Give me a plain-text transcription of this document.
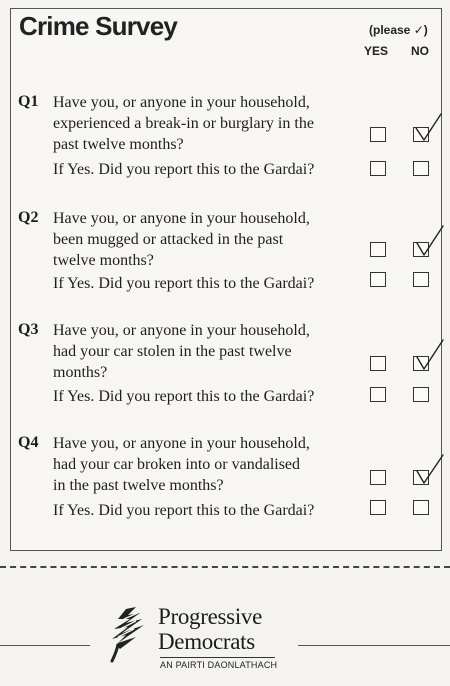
Crime Survey	(please ✓)
YES NO
Q1 Have you, or anyone in your household,
experienced a break-in or burglary in the
past twelve months?
If Yes. Did you report this to the Gardai?
Q2 Have you, or anyone in your household,
been mugged or attacked in the past
twelve months?
If Yes. Did you report this to the Gardai?
Q3 Have you, or anyone in your household,
had your car stolen in the past twelve
months?
If Yes. Did you report this to the Gardai?
Q4 Have you, or anyone in your household,
had your car broken into or vandalised
in the past twelve months?
If Yes. Did you report this to the Gardai?
Progressive
Democrats
AN PAIRTI DAONLATHACH
